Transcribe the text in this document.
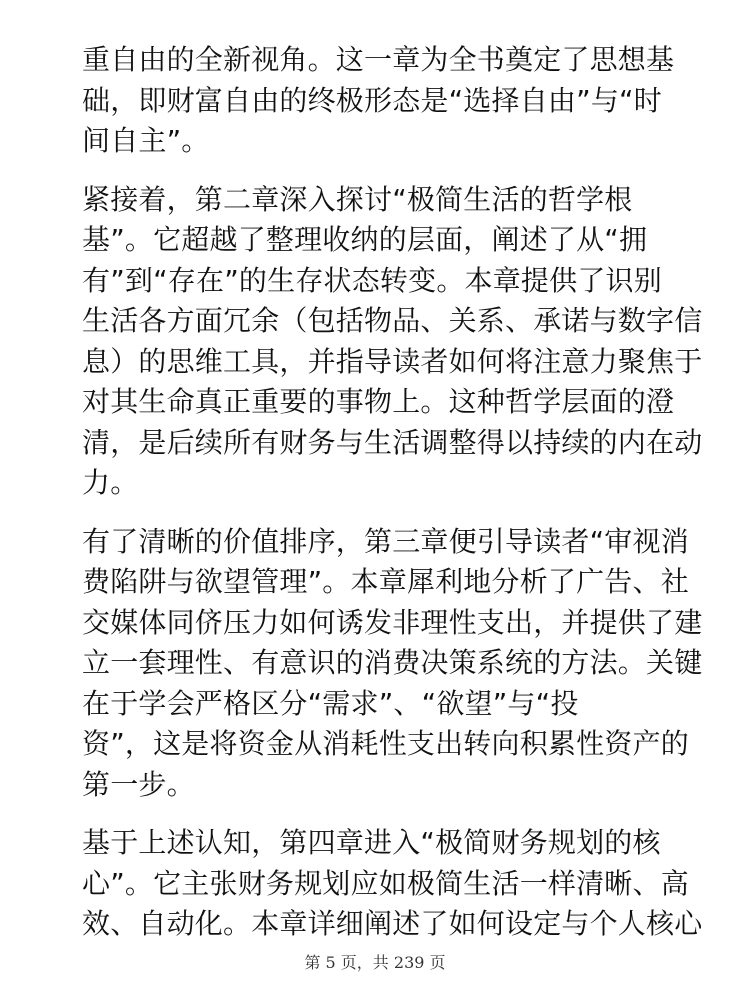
重自由的全新视角。这一章为全书奠定了思想基
础，即财富自由的终极形态是“选择自由”与“时
间自主”。

紧接着，第二章深入探讨“极简生活的哲学根
基”。它超越了整理收纳的层面，阐述了从“拥
有”到“存在”的生存状态转变。本章提供了识别
生活各方面冗余（包括物品、关系、承诺与数字信
息）的思维工具，并指导读者如何将注意力聚焦于
对其生命真正重要的事物上。这种哲学层面的澄
清，是后续所有财务与生活调整得以持续的内在动
力。

有了清晰的价值排序，第三章便引导读者“审视消
费陷阱与欲望管理”。本章犀利地分析了广告、社
交媒体同侪压力如何诱发非理性支出，并提供了建
立一套理性、有意识的消费决策系统的方法。关键
在于学会严格区分“需求”、“欲望”与“投
资”，这是将资金从消耗性支出转向积累性资产的
第一步。

基于上述认知，第四章进入“极简财务规划的核
心”。它主张财务规划应如极简生活一样清晰、高
效、自动化。本章详细阐述了如何设定与个人核心

第 5 页，共 239 页
